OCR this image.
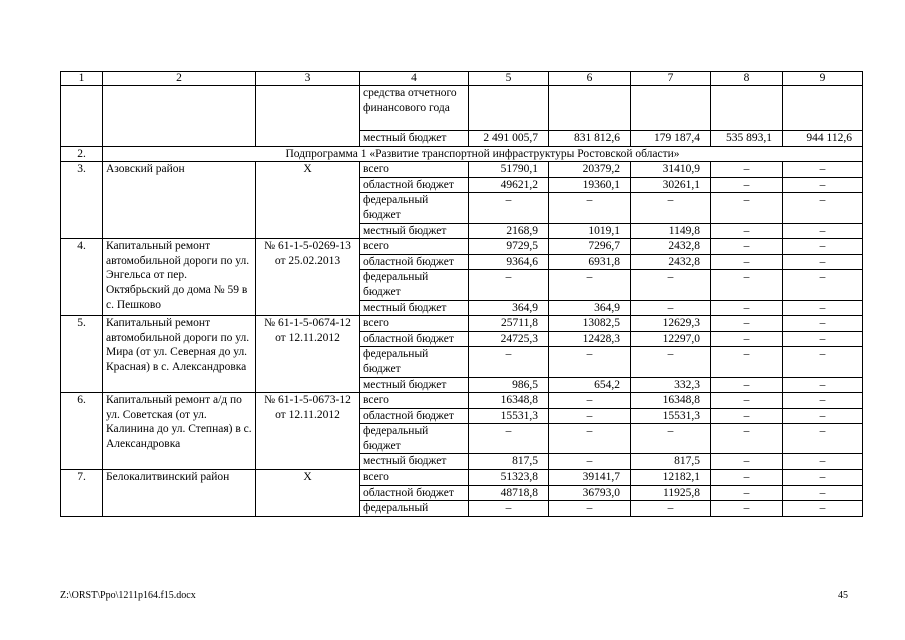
1	2	3	4	5	6	7	8	9
			средства отчетного финансового года					
			местный бюджет	2 491 005,7	831 812,6	179 187,4	535 893,1	944 112,6
2.	Подпрограмма 1 «Развитие транспортной инфраструктуры Ростовской области»							
3.	Азовский район	X	всего	51790,1	20379,2	31410,9	–	–
			областной бюджет	49621,2	19360,1	30261,1	–	–
			федеральный бюджет	–	–	–	–	–
			местный бюджет	2168,9	1019,1	1149,8	–	–
4.	Капитальный ремонт автомобильной дороги по ул. Энгельса от пер. Октябрьский до дома № 59 в с. Пешково	№ 61-1-5-0269-13 от 25.02.2013	всего	9729,5	7296,7	2432,8	–	–
			областной бюджет	9364,6	6931,8	2432,8	–	–
			федеральный бюджет	–	–	–	–	–
			местный бюджет	364,9	364,9	–	–	–
5.	Капитальный ремонт автомобильной дороги по ул. Мира (от ул. Северная до ул. Красная) в с. Александровка	№ 61-1-5-0674-12 от 12.11.2012	всего	25711,8	13082,5	12629,3	–	–
			областной бюджет	24725,3	12428,3	12297,0	–	–
			федеральный бюджет	–	–	–	–	–
			местный бюджет	986,5	654,2	332,3	–	–
6.	Капитальный ремонт а/д по ул. Советская (от ул. Калинина до ул. Степная) в с. Александровка	№ 61-1-5-0673-12 от 12.11.2012	всего	16348,8	–	16348,8	–	–
			областной бюджет	15531,3	–	15531,3	–	–
			федеральный бюджет	–	–	–	–	–
			местный бюджет	817,5	–	817,5	–	–
7.	Белокалитвинский район	X	всего	51323,8	39141,7	12182,1	–	–
			областной бюджет	48718,8	36793,0	11925,8	–	–
			федеральный	–	–	–	–	–
Z:\ORST\Ppo\1211p164.f15.docx	45
